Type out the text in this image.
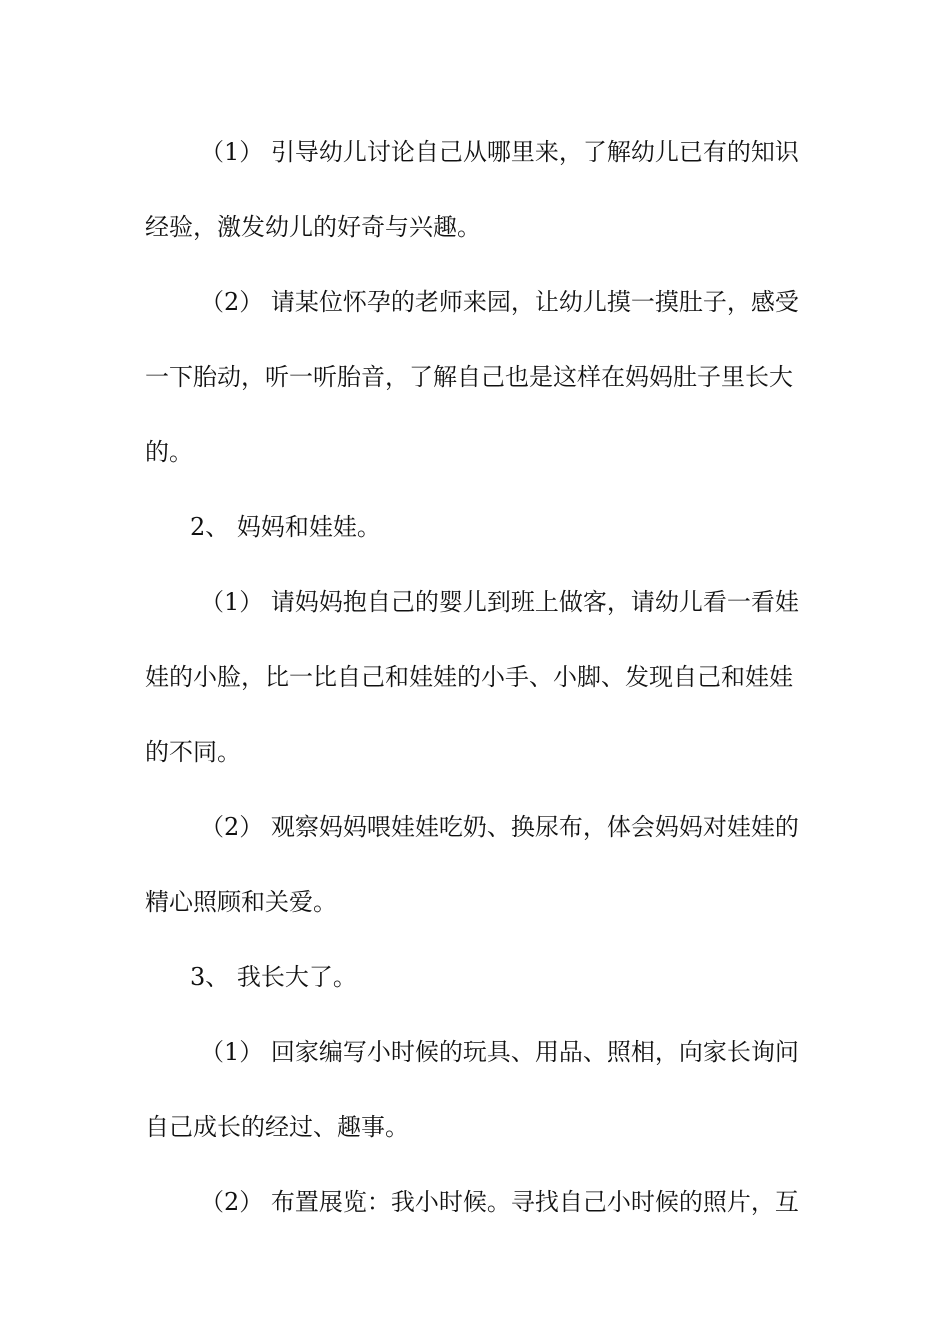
（1） 引导幼儿讨论自己从哪里来，了解幼儿已有的知识

经验，激发幼儿的好奇与兴趣。

（2） 请某位怀孕的老师来园，让幼儿摸一摸肚子，感受

一下胎动，听一听胎音，了解自己也是这样在妈妈肚子里长大

的。

2、 妈妈和娃娃。

（1） 请妈妈抱自己的婴儿到班上做客，请幼儿看一看娃

娃的小脸，比一比自己和娃娃的小手、小脚、发现自己和娃娃

的不同。

（2） 观察妈妈喂娃娃吃奶、换尿布，体会妈妈对娃娃的

精心照顾和关爱。

3、 我长大了。

（1） 回家编写小时候的玩具、用品、照相，向家长询问

自己成长的经过、趣事。

（2） 布置展览：我小时候。寻找自己小时候的照片，互
